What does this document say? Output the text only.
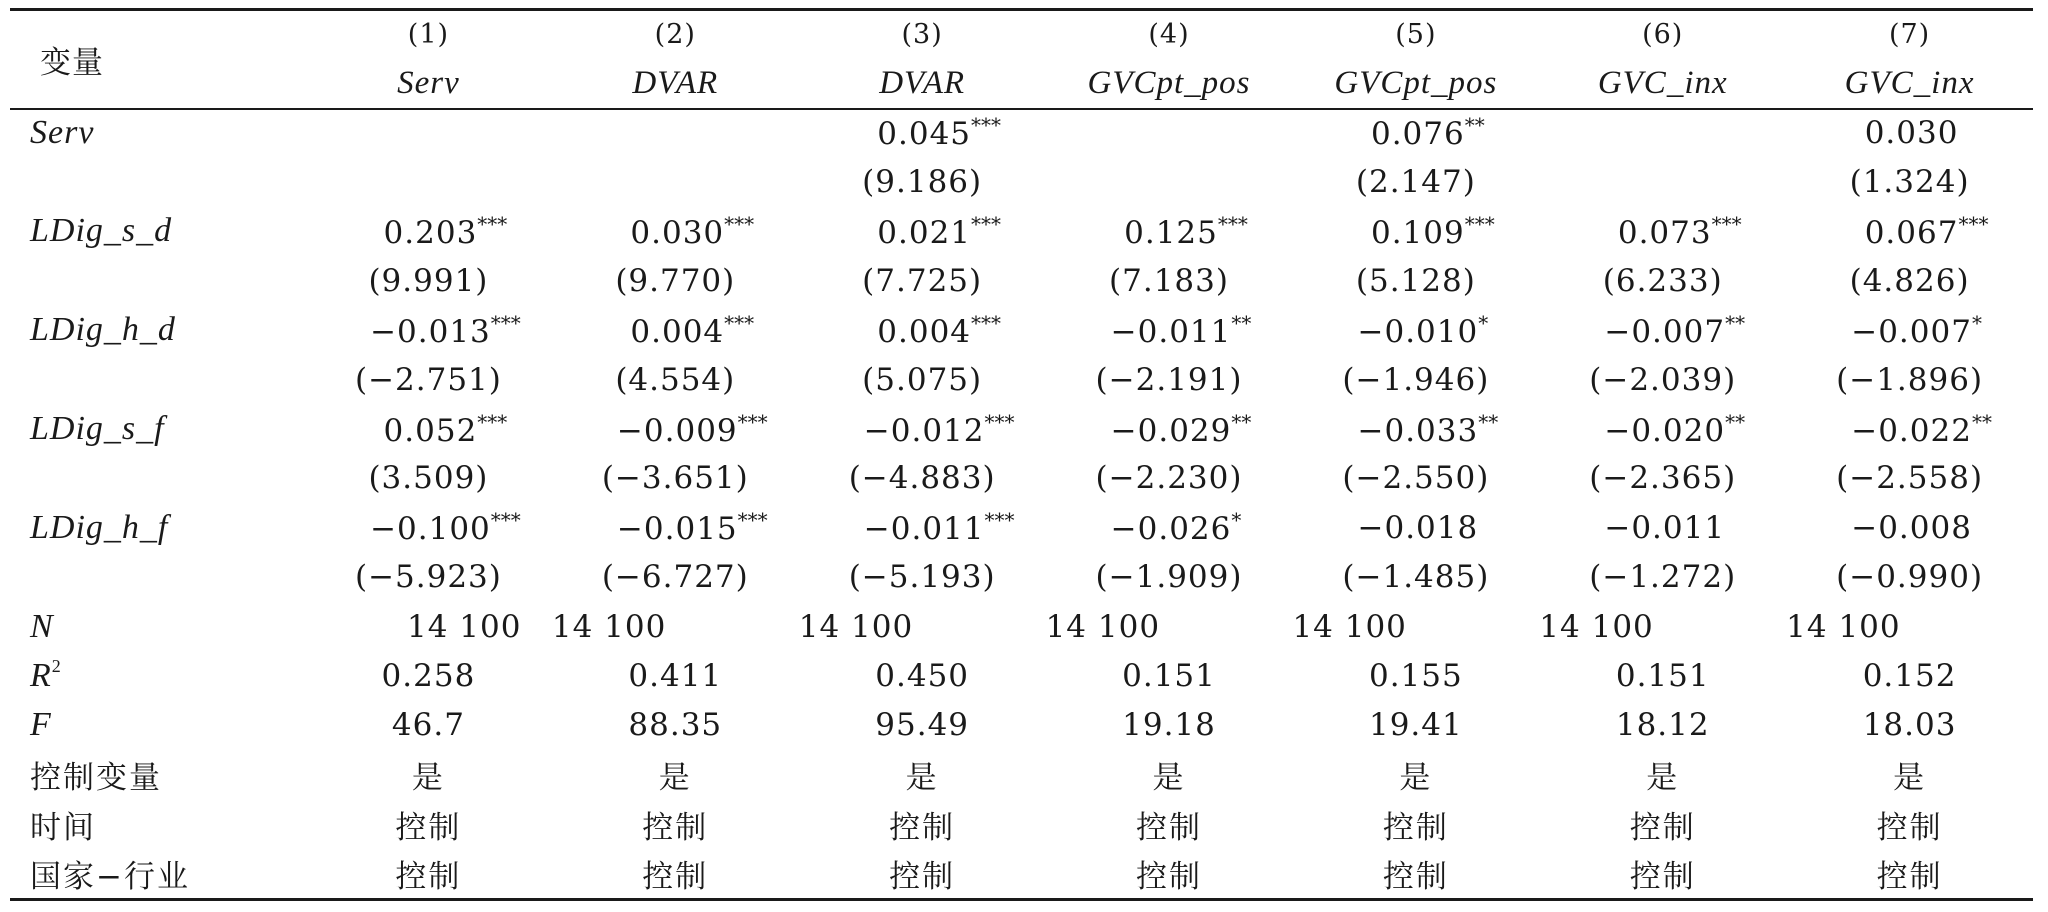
变量	(1)	(2)	(3)	(4)	(5)	(6)	(7)
	Serv	DVAR	DVAR	GVCpt_pos	GVCpt_pos	GVC_inx	GVC_inx
Serv			0.045***		0.076**		0.030
			(9.186)		(2.147)		(1.324)
LDig_s_d	0.203***	0.030***	0.021***	0.125***	0.109***	0.073***	0.067***
	(9.991)	(9.770)	(7.725)	(7.183)	(5.128)	(6.233)	(4.826)
LDig_h_d	−0.013***	0.004***	0.004***	−0.011**	−0.010*	−0.007**	−0.007*
	(−2.751)	(4.554)	(5.075)	(−2.191)	(−1.946)	(−2.039)	(−1.896)
LDig_s_f	0.052***	−0.009***	−0.012***	−0.029**	−0.033**	−0.020**	−0.022**
	(3.509)	(−3.651)	(−4.883)	(−2.230)	(−2.550)	(−2.365)	(−2.558)
LDig_h_f	−0.100***	−0.015***	−0.011***	−0.026*	−0.018	−0.011	−0.008
	(−5.923)	(−6.727)	(−5.193)	(−1.909)	(−1.485)	(−1.272)	(−0.990)
N	14 100	14 100	14 100	14 100	14 100	14 100	14 100
$R^2$	0.258	0.411	0.450	0.151	0.155	0.151	0.152
F	46.7	88.35	95.49	19.18	19.41	18.12	18.03
控制变量	是	是	是	是	是	是	是
时间	控制	控制	控制	控制	控制	控制	控制
国家−行业	控制	控制	控制	控制	控制	控制	控制
